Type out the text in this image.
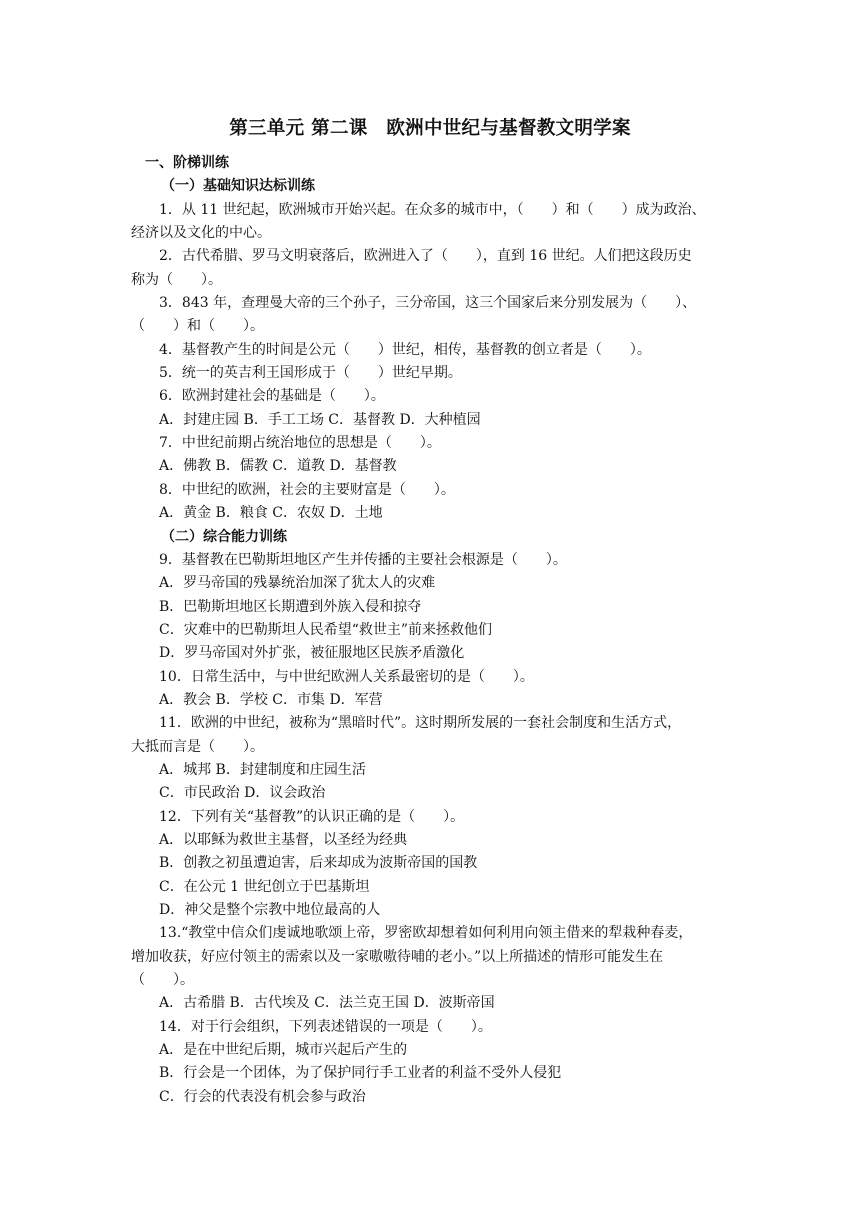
第三单元 第二课　欧洲中世纪与基督教文明学案
一、阶梯训练
（一）基础知识达标训练
1．从 11 世纪起，欧洲城市开始兴起。在众多的城市中，（　　）和（　　）成为政治、
经济以及文化的中心。
2．古代希腊、罗马文明衰落后，欧洲进入了（　　），直到 16 世纪。人们把这段历史
称为（　　）。
3．843 年，查理曼大帝的三个孙子，三分帝国，这三个国家后来分别发展为（　　）、
（　　）和（　　）。
4．基督教产生的时间是公元（　　）世纪，相传，基督教的创立者是（　　）。
5．统一的英吉利王国形成于（　　）世纪早期。
6．欧洲封建社会的基础是（　　）。
A．封建庄园 B．手工工场 C．基督教 D．大种植园
7．中世纪前期占统治地位的思想是（　　）。
A．佛教 B．儒教 C．道教 D．基督教
8．中世纪的欧洲，社会的主要财富是（　　）。
A．黄金 B．粮食 C．农奴 D．土地
（二）综合能力训练
9．基督教在巴勒斯坦地区产生并传播的主要社会根源是（　　）。
A．罗马帝国的残暴统治加深了犹太人的灾难
B．巴勒斯坦地区长期遭到外族入侵和掠夺
C．灾难中的巴勒斯坦人民希望“救世主”前来拯救他们
D．罗马帝国对外扩张，被征服地区民族矛盾激化
10．日常生活中，与中世纪欧洲人关系最密切的是（　　）。
A．教会 B．学校 C．市集 D．军营
11．欧洲的中世纪，被称为“黑暗时代”。这时期所发展的一套社会制度和生活方式，
大抵而言是（　　）。
A．城邦 B．封建制度和庄园生活
C．市民政治 D．议会政治
12．下列有关“基督教”的认识正确的是（　　）。
A．以耶稣为救世主基督，以圣经为经典
B．创教之初虽遭迫害，后来却成为波斯帝国的国教
C．在公元 1 世纪创立于巴基斯坦
D．神父是整个宗教中地位最高的人
13.“教堂中信众们虔诚地歌颂上帝，罗密欧却想着如何利用向领主借来的犁栽种春麦，
增加收获，好应付领主的需索以及一家嗷嗷待哺的老小。”以上所描述的情形可能发生在
（　　）。
A．古希腊 B．古代埃及 C．法兰克王国 D．波斯帝国
14．对于行会组织，下列表述错误的一项是（　　）。
A．是在中世纪后期，城市兴起后产生的
B．行会是一个团体，为了保护同行手工业者的利益不受外人侵犯
C．行会的代表没有机会参与政治
